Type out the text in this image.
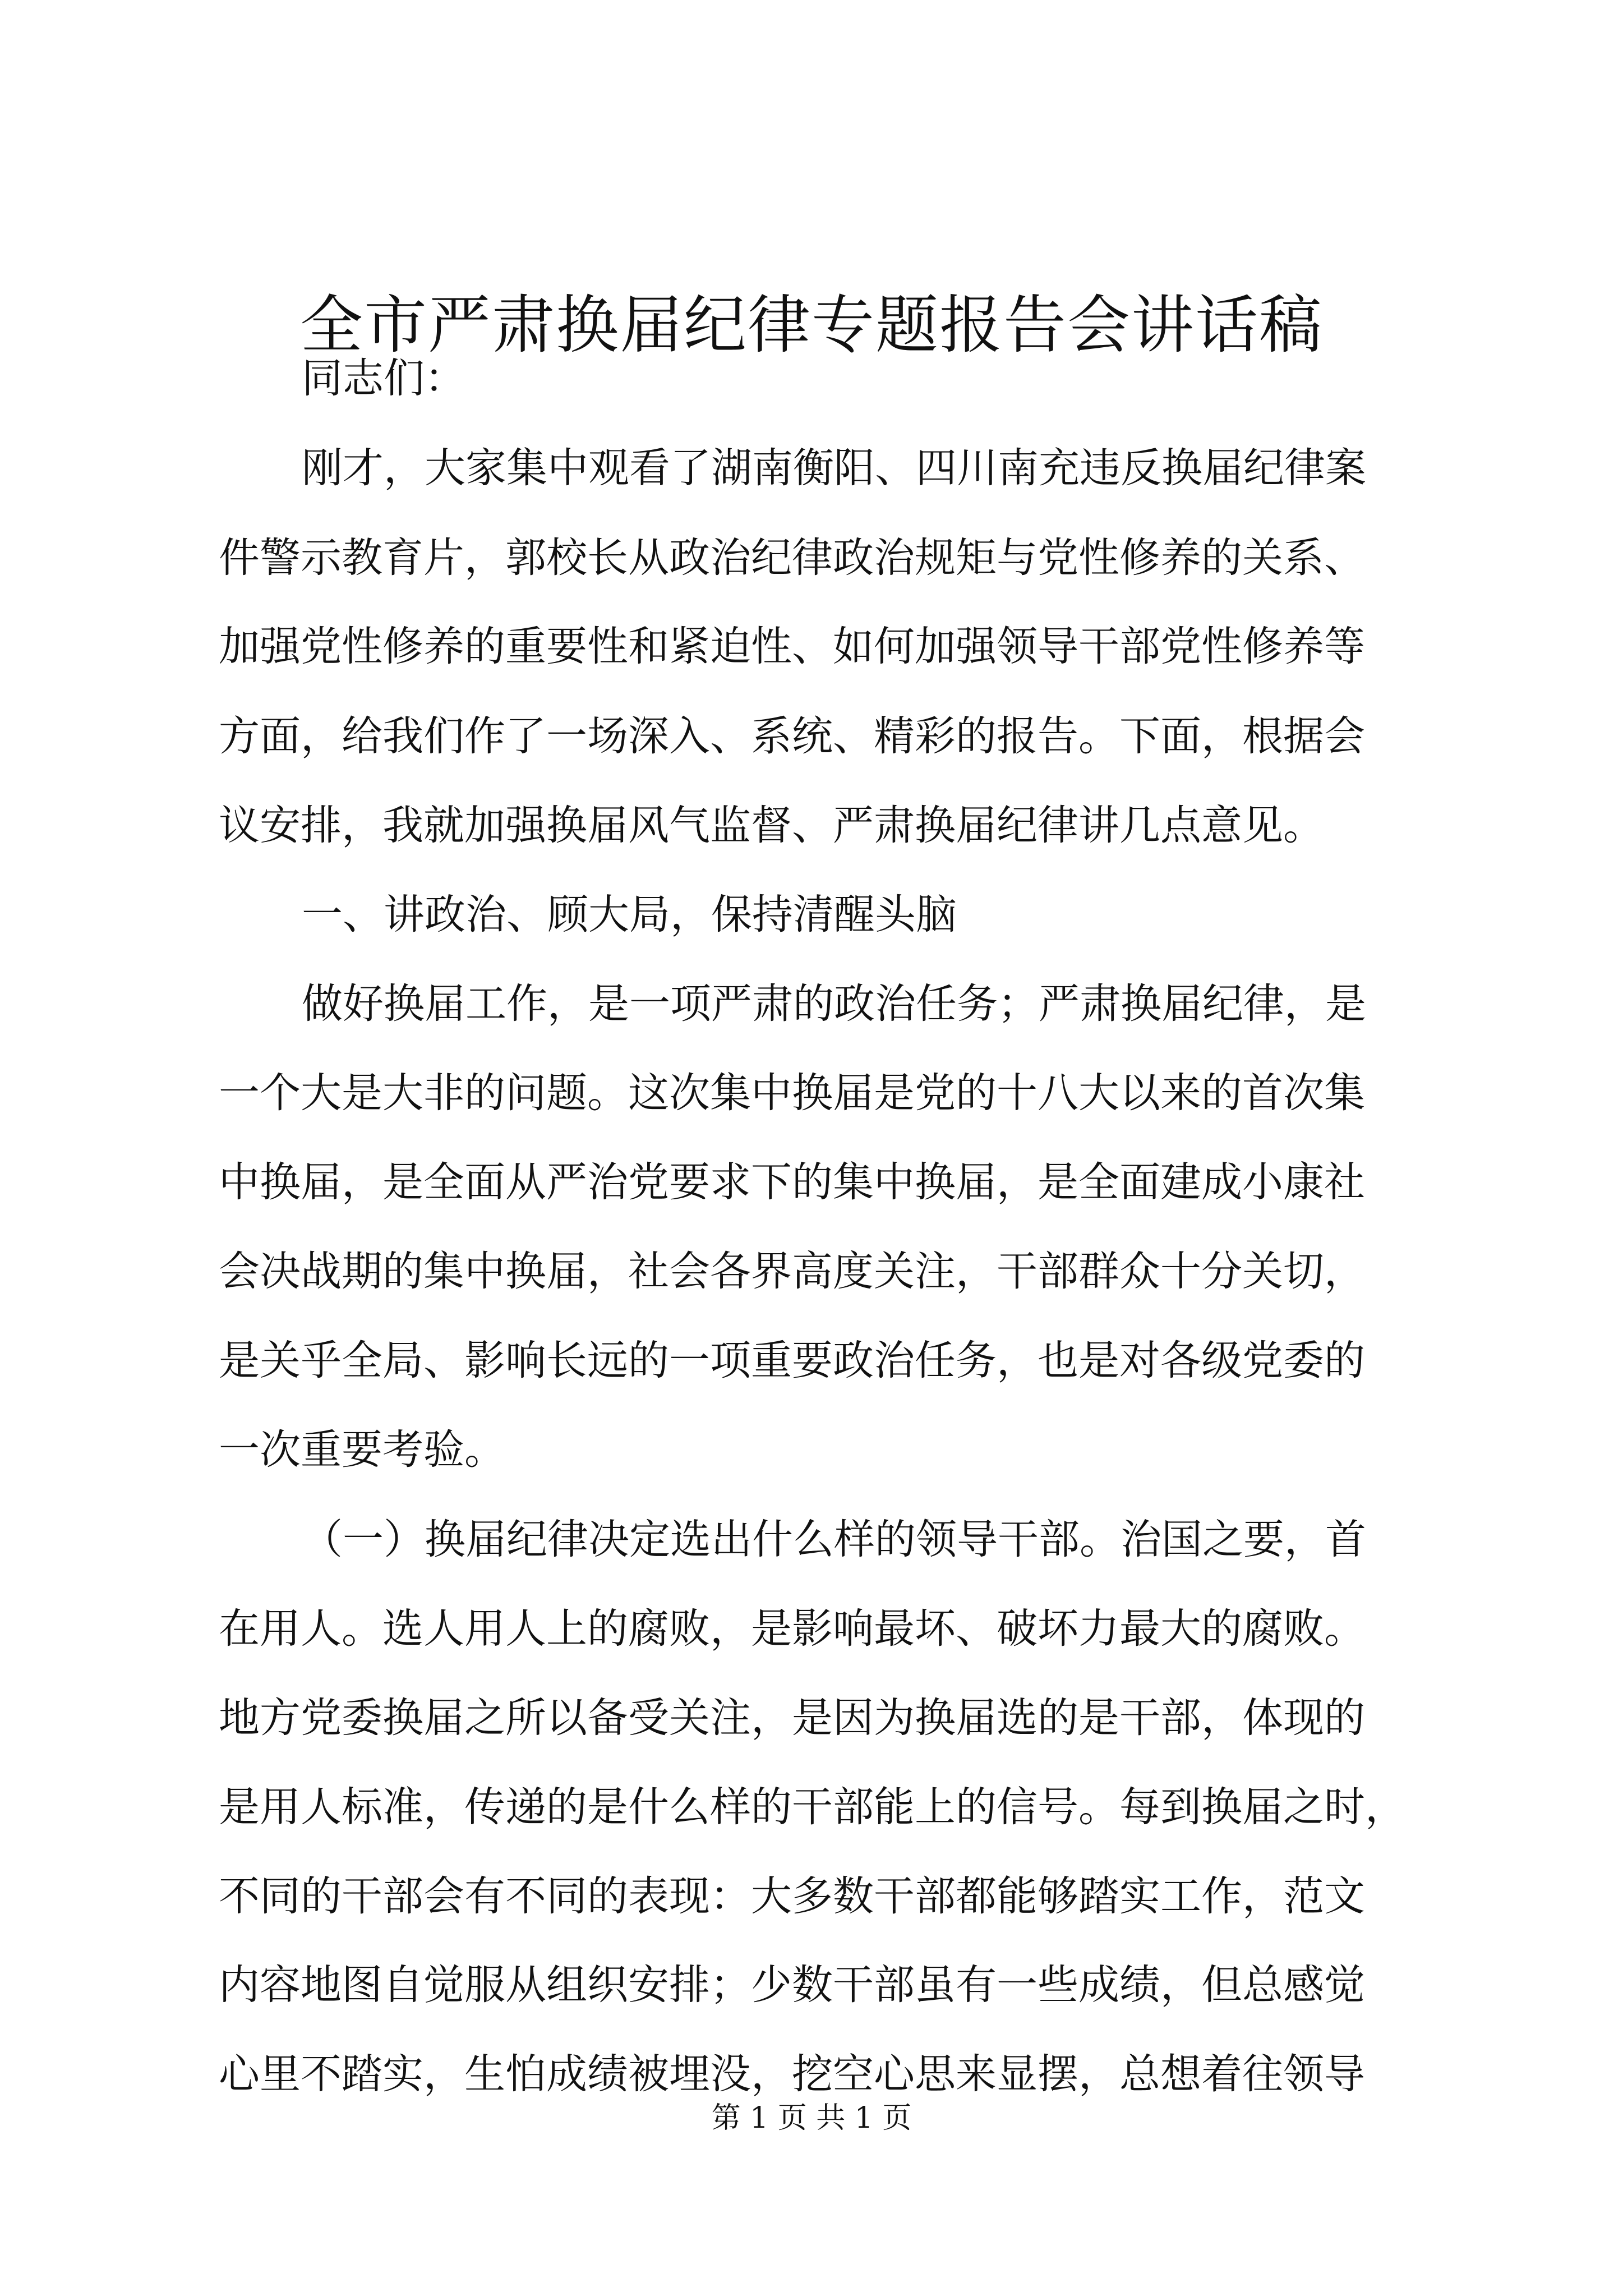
全市严肃换届纪律专题报告会讲话稿
同志们：
刚才，大家集中观看了湖南衡阳、四川南充违反换届纪律案
件警示教育片，郭校长从政治纪律政治规矩与党性修养的关系、
加强党性修养的重要性和紧迫性、如何加强领导干部党性修养等
方面，给我们作了一场深入、系统、精彩的报告。下面，根据会
议安排，我就加强换届风气监督、严肃换届纪律讲几点意见。
一、讲政治、顾大局，保持清醒头脑
做好换届工作，是一项严肃的政治任务；严肃换届纪律，是
一个大是大非的问题。这次集中换届是党的十八大以来的首次集
中换届，是全面从严治党要求下的集中换届，是全面建成小康社
会决战期的集中换届，社会各界高度关注，干部群众十分关切，
是关乎全局、影响长远的一项重要政治任务，也是对各级党委的
一次重要考验。
（一）换届纪律决定选出什么样的领导干部。治国之要，首
在用人。选人用人上的腐败，是影响最坏、破坏力最大的腐败。
地方党委换届之所以备受关注，是因为换届选的是干部，体现的
是用人标准，传递的是什么样的干部能上的信号。每到换届之时，
不同的干部会有不同的表现：大多数干部都能够踏实工作，范文
内容地图自觉服从组织安排；少数干部虽有一些成绩，但总感觉
心里不踏实，生怕成绩被埋没，挖空心思来显摆，总想着往领导
第 1 页 共 1 页
